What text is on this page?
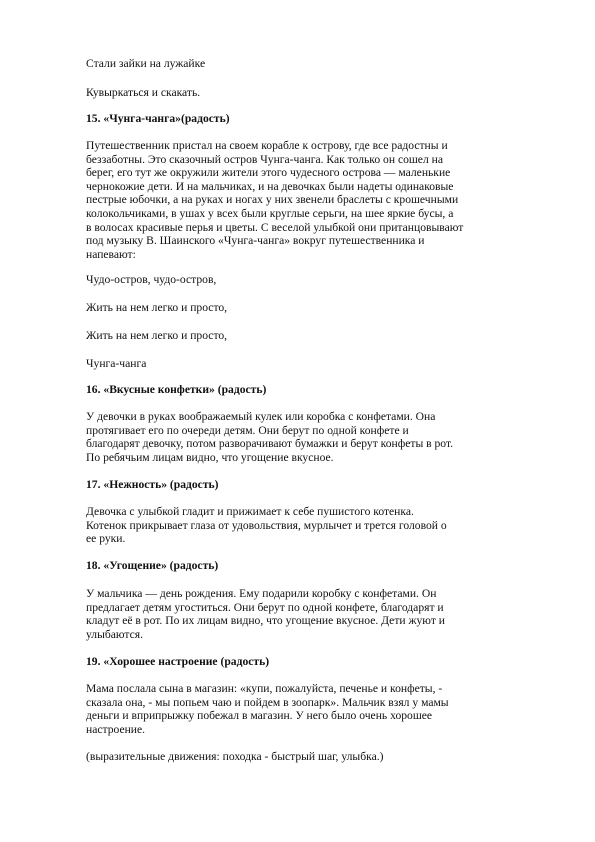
Стали зайки на лужайке

Кувыркаться и скакать.

15. «Чунга-чанга»(радость)

Путешественник пристал на своем корабле к острову, где все радостны и
беззаботны. Это сказочный остров Чунга-чанга. Как только он сошел на
берег, его тут же окружили жители этого чудесного острова — маленькие
чернокожие дети. И на мальчиках, и на девочках были надеты одинаковые
пестрые юбочки, а на руках и ногах у них звенели браслеты с крошечными
колокольчиками, в ушах у всех были круглые серьги, на шее яркие бусы, а
в волосах красивые перья и цветы. С веселой улыбкой они пританцовывают
под музыку В. Шаинского «Чунга-чанга» вокруг путешественника и
напевают:

Чудо-остров, чудо-остров,

Жить на нем легко и просто,

Жить на нем легко и просто,

Чунга-чанга

16. «Вкусные конфетки» (радость)

У девочки в руках воображаемый кулек или коробка с конфетами. Она
протягивает его по очереди детям. Они берут по одной конфете и
благодарят девочку, потом разворачивают бумажки и берут конфеты в рот.
По ребячьим лицам видно, что угощение вкусное.

17. «Нежность» (радость)

Девочка с улыбкой гладит и прижимает к себе пушистого котенка.
Котенок прикрывает глаза от удовольствия, мурлычет и трется головой о
ее руки.

18. «Угощение» (радость)

У мальчика — день рождения. Ему подарили коробку с конфетами. Он
предлагает детям угоститься. Они берут по одной конфете, благодарят и
кладут её в рот. По их лицам видно, что угощение вкусное. Дети жуют и
улыбаются.

19. «Хорошее настроение (радость)

Мама послала сына в магазин: «купи, пожалуйста, печенье и конфеты, -
сказала она, - мы попьем чаю и пойдем в зоопарк». Мальчик взял у мамы
деньги и вприпрыжку побежал в магазин. У него было очень хорошее
настроение.

(выразительные движения: походка - быстрый шаг, улыбка.)
